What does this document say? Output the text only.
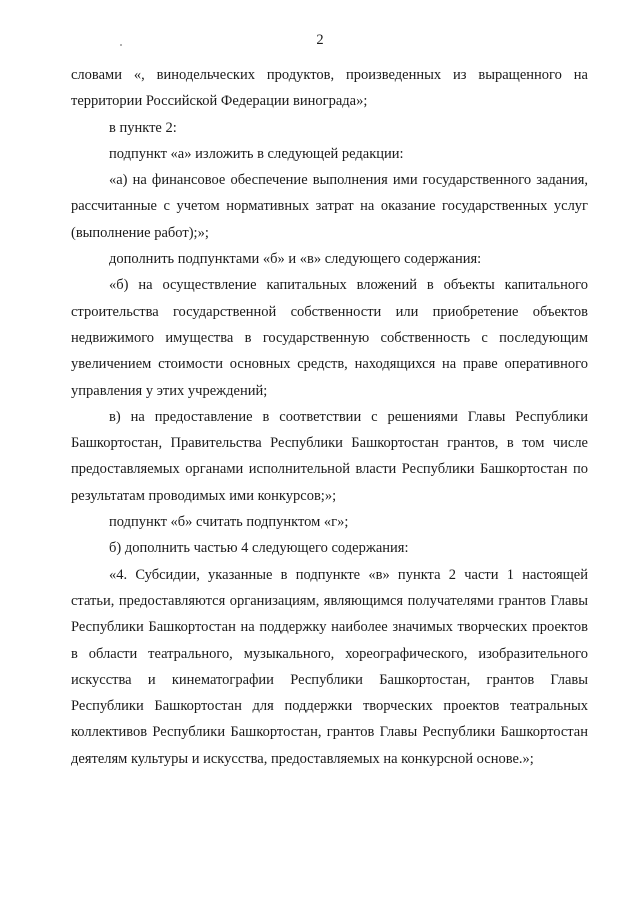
2

словами «, винодельческих продуктов, произведенных из выращенного на территории Российской Федерации винограда»;

в пункте 2:

подпункт «а» изложить в следующей редакции:

«а) на финансовое обеспечение выполнения ими государственного задания, рассчитанные с учетом нормативных затрат на оказание государственных услуг (выполнение работ);»;

дополнить подпунктами «б» и «в» следующего содержания:

«б) на осуществление капитальных вложений в объекты капитального строительства государственной собственности или приобретение объектов недвижимого имущества в государственную собственность с последующим увеличением стоимости основных средств, находящихся на праве оперативного управления у этих учреждений;

в) на предоставление в соответствии с решениями Главы Республики Башкортостан, Правительства Республики Башкортостан грантов, в том числе предоставляемых органами исполнительной власти Республики Башкортостан по результатам проводимых ими конкурсов;»;

подпункт «б» считать подпунктом «г»;

б) дополнить частью 4 следующего содержания:

«4. Субсидии, указанные в подпункте «в» пункта 2 части 1 настоящей статьи, предоставляются организациям, являющимся получателями грантов Главы Республики Башкортостан на поддержку наиболее значимых творческих проектов в области театрального, музыкального, хореографического, изобразительного искусства и кинематографии Республики Башкортостан, грантов Главы Республики Башкортостан для поддержки творческих проектов театральных коллективов Республики Башкортостан, грантов Главы Республики Башкортостан деятелям культуры и искусства, предоставляемых на конкурсной основе.»;
